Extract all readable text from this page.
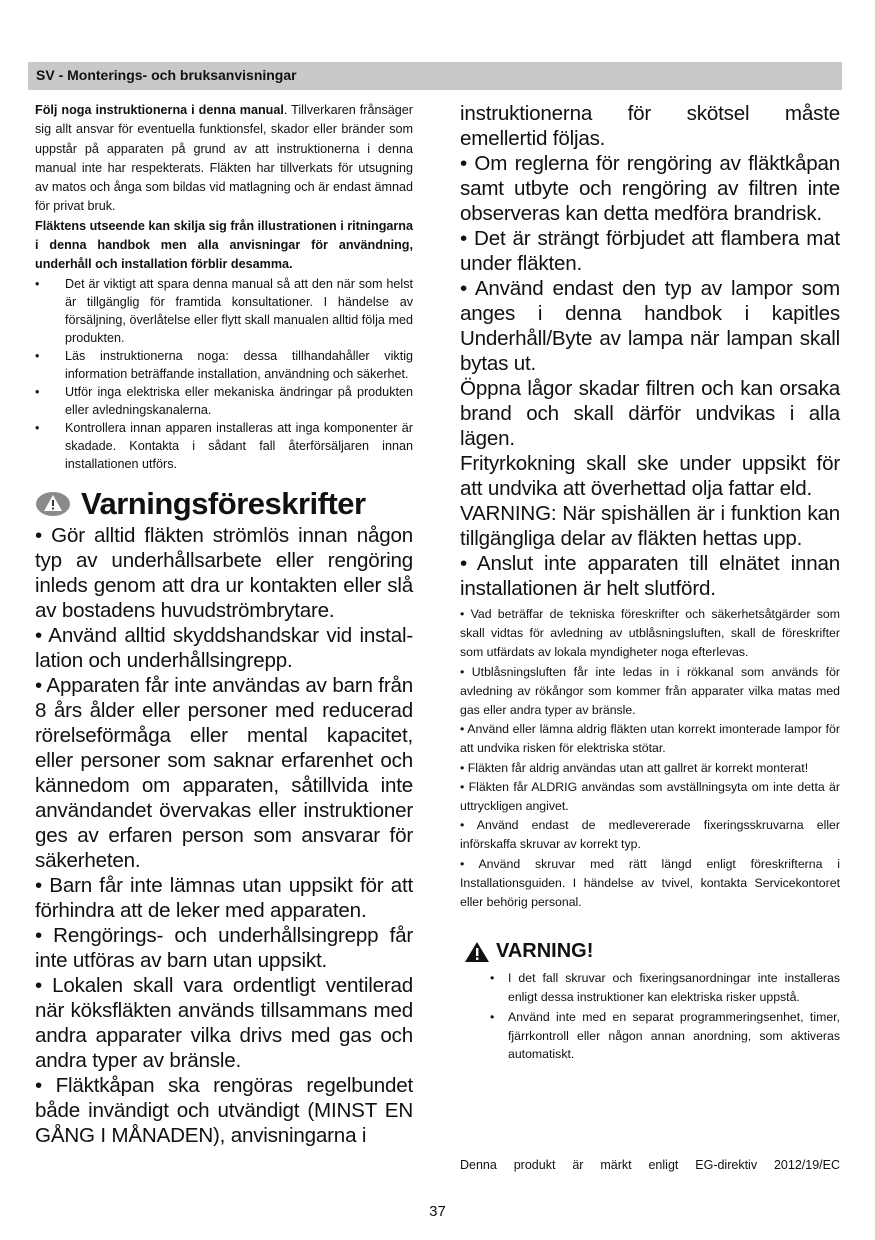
SV - Monterings- och bruksanvisningar

Följ noga instruktionerna i denna manual. Tillverkaren frånsäger sig allt ansvar för eventuella funktionsfel, skador eller bränder som uppstår på apparaten på grund av att instruktionerna i denna manual inte har respekterats. Fläkten har tillverkats för utsugning av matos och ånga som bildas vid matlagning och är endast ämnad för privat bruk.

Fläktens utseende kan skilja sig från illustrationen i ritningarna i denna handbok men alla anvisningar för användning, underhåll och installation förblir desamma.

• Det är viktigt att spara denna manual så att den när som helst är tillgänglig för framtida konsultationer. I händelse av försäljning, överlåtelse eller flytt skall manualen alltid följa med produkten.
• Läs instruktionerna noga: dessa tillhandahåller viktig information beträffande installation, användning och säkerhet.
• Utför inga elektriska eller mekaniska ändringar på produkten eller avledningskanalerna.
• Kontrollera innan apparen installeras att inga komponenter är skadade. Kontakta i sådant fall återförsäljaren innan installationen utförs.
Varningsföreskrifter

• Gör alltid fläkten strömlös innan någon typ av underhållsarbete eller rengöring inleds genom att dra ur kontakten eller slå av bostadens huvudströmbrytare.

• Använd alltid skyddshandskar vid instal-lation och underhållsingrepp.

• Apparaten får inte användas av barn från 8 års ålder eller personer med reducerad rörelseförmåga eller mental kapacitet, eller personer som saknar erfarenhet och kännedom om apparaten, såtillvida inte användandet övervakas eller instruktioner ges av erfaren person som ansvarar för säkerheten.

• Barn får inte lämnas utan uppsikt för att förhindra att de leker med apparaten.

• Rengörings- och underhållsingrepp får inte utföras av barn utan uppsikt.

• Lokalen skall vara ordentligt ventilerad när köksfläkten används tillsammans med andra apparater vilka drivs med gas och andra typer av bränsle.

• Fläktkåpan ska rengöras regelbundet både invändigt och utvändigt (MINST EN GÅNG I MÅNADEN), anvisningarna i

instruktionerna för skötsel måste emellertid följas.

• Om reglerna för rengöring av fläktkåpan samt utbyte och rengöring av filtren inte observeras kan detta medföra brandrisk.

• Det är strängt förbjudet att flambera mat under fläkten.

• Använd endast den typ av lampor som anges i denna handbok i kapitles Underhåll/Byte av lampa när lampan skall bytas ut.

Öppna lågor skadar filtren och kan orsaka brand och skall därför undvikas i alla lägen.

Frityrkokning skall ske under uppsikt för att undvika att överhettad olja fattar eld.

VARNING: När spishällen är i funktion kan tillgängliga delar av fläkten hettas upp.

• Anslut inte apparaten till elnätet innan installationen är helt slutförd.

• Vad beträffar de tekniska föreskrifter och säkerhetsåtgärder som skall vidtas för avledning av utblåsningsluften, skall de föreskrifter som utfärdats av lokala myndigheter noga efterlevas.

• Utblåsningsluften får inte ledas in i rökkanal som används för avledning av rökångor som kommer från apparater vilka matas med gas eller andra typer av bränsle.

• Använd eller lämna aldrig fläkten utan korrekt imonterade lampor för att undvika risken för elektriska stötar.

• Fläkten får aldrig användas utan att gallret är korrekt monterat!

• Fläkten får ALDRIG användas som avställningsyta om inte detta är uttryckligen angivet.

• Använd endast de medlevererade fixeringsskruvarna eller införskaffa skruvar av korrekt typ.

• Använd skruvar med rätt längd enligt föreskrifterna i Installationsguiden. I händelse av tvivel, kontakta Servicekontoret eller behörig personal.

VARNING!
• I det fall skruvar och fixeringsanordningar inte installeras enligt dessa instruktioner kan elektriska risker uppstå.
• Använd inte med en separat programmeringsenhet, timer, fjärrkontroll eller någon annan anordning, som aktiveras automatiskt.
Denna produkt är märkt enligt EG-direktiv 2012/19/EC
37
